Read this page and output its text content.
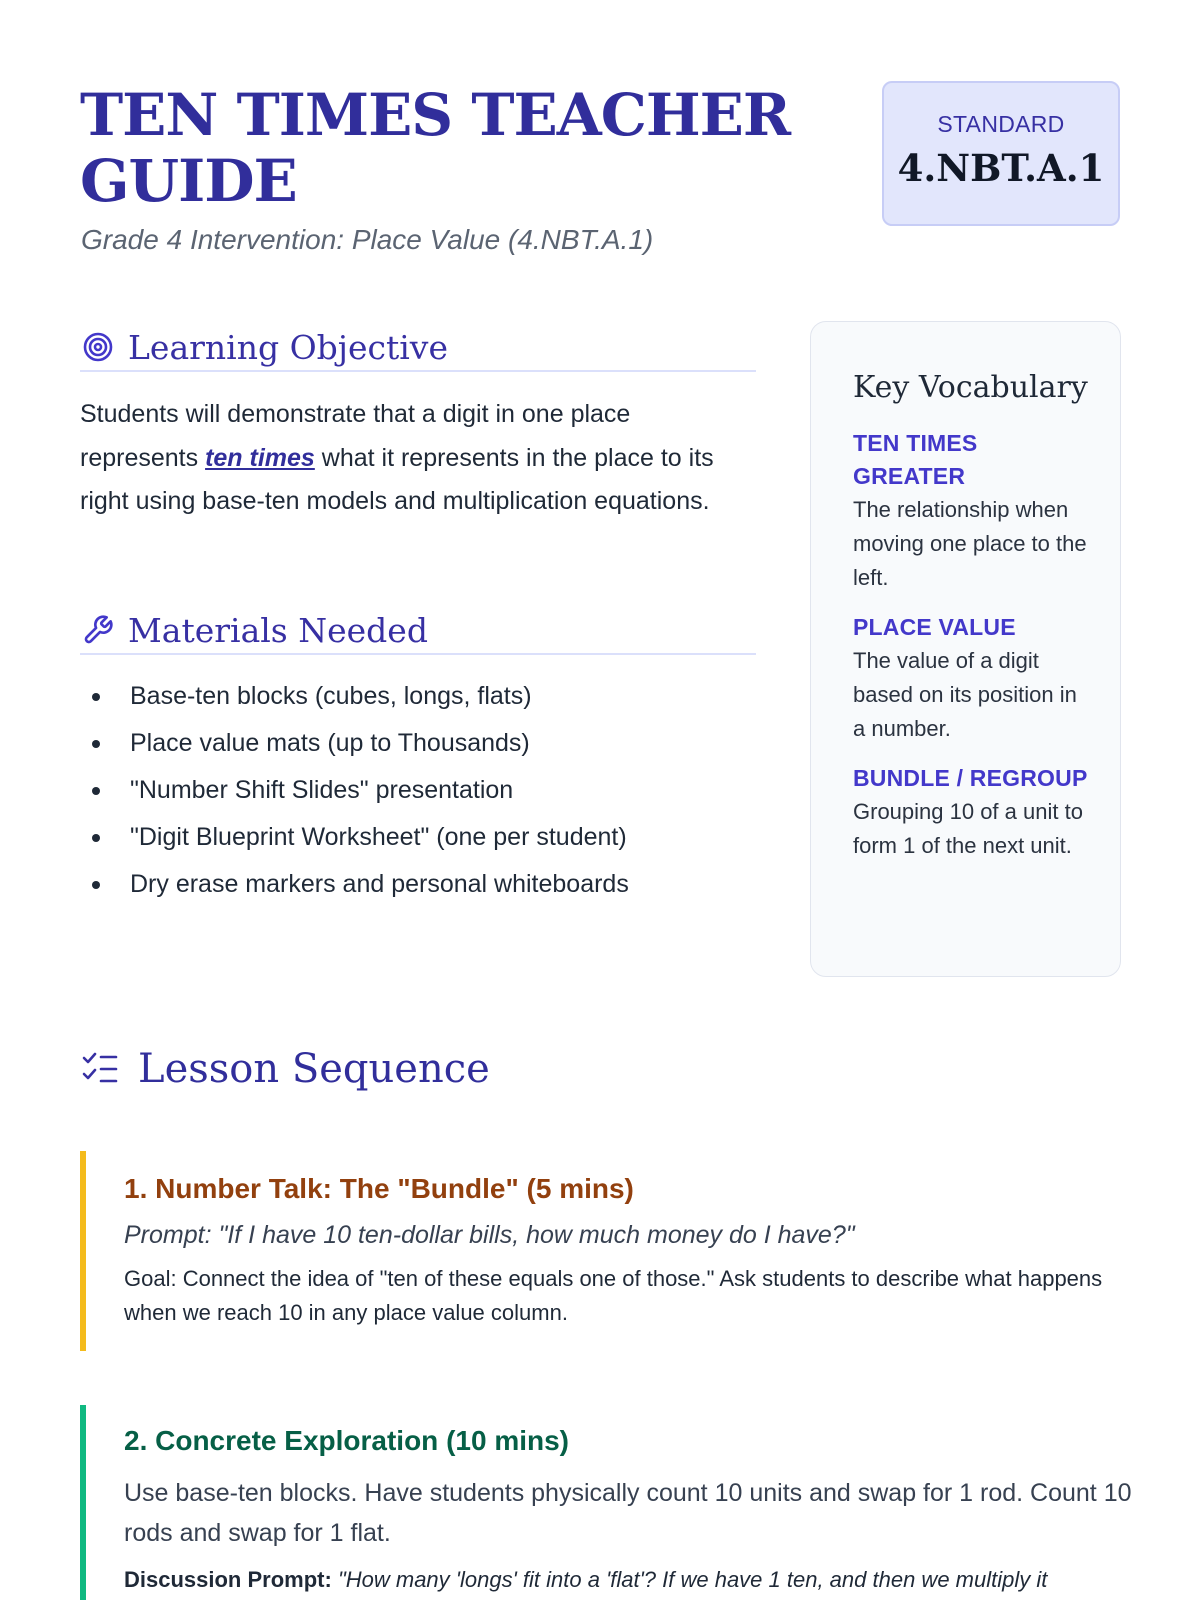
TEN TIMES TEACHER GUIDE
Grade 4 Intervention: Place Value (4.NBT.A.1)
STANDARD
4.NBT.A.1
Learning Objective

Students will demonstrate that a digit in one place represents ten times what it represents in the place to its right using base-ten models and multiplication equations.

Materials Needed
Base-ten blocks (cubes, longs, flats)
Place value mats (up to Thousands)
"Number Shift Slides" presentation
"Digit Blueprint Worksheet" (one per student)
Dry erase markers and personal whiteboards
Key Vocabulary
TEN TIMES GREATER
The relationship when moving one place to the left.
PLACE VALUE
The value of a digit based on its position in a number.
BUNDLE / REGROUP
Grouping 10 of a unit to form 1 of the next unit.
Lesson Sequence
1. Number Talk: The "Bundle" (5 mins)
Prompt: "If I have 10 ten-dollar bills, how much money do I have?"
Goal: Connect the idea of "ten of these equals one of those." Ask students to describe what happens when we reach 10 in any place value column.
2. Concrete Exploration (10 mins)
Use base-ten blocks. Have students physically count 10 units and swap for 1 rod. Count 10 rods and swap for 1 flat.
Discussion Prompt: "How many 'longs' fit into a 'flat'? If we have 1 ten, and then we multiply it
